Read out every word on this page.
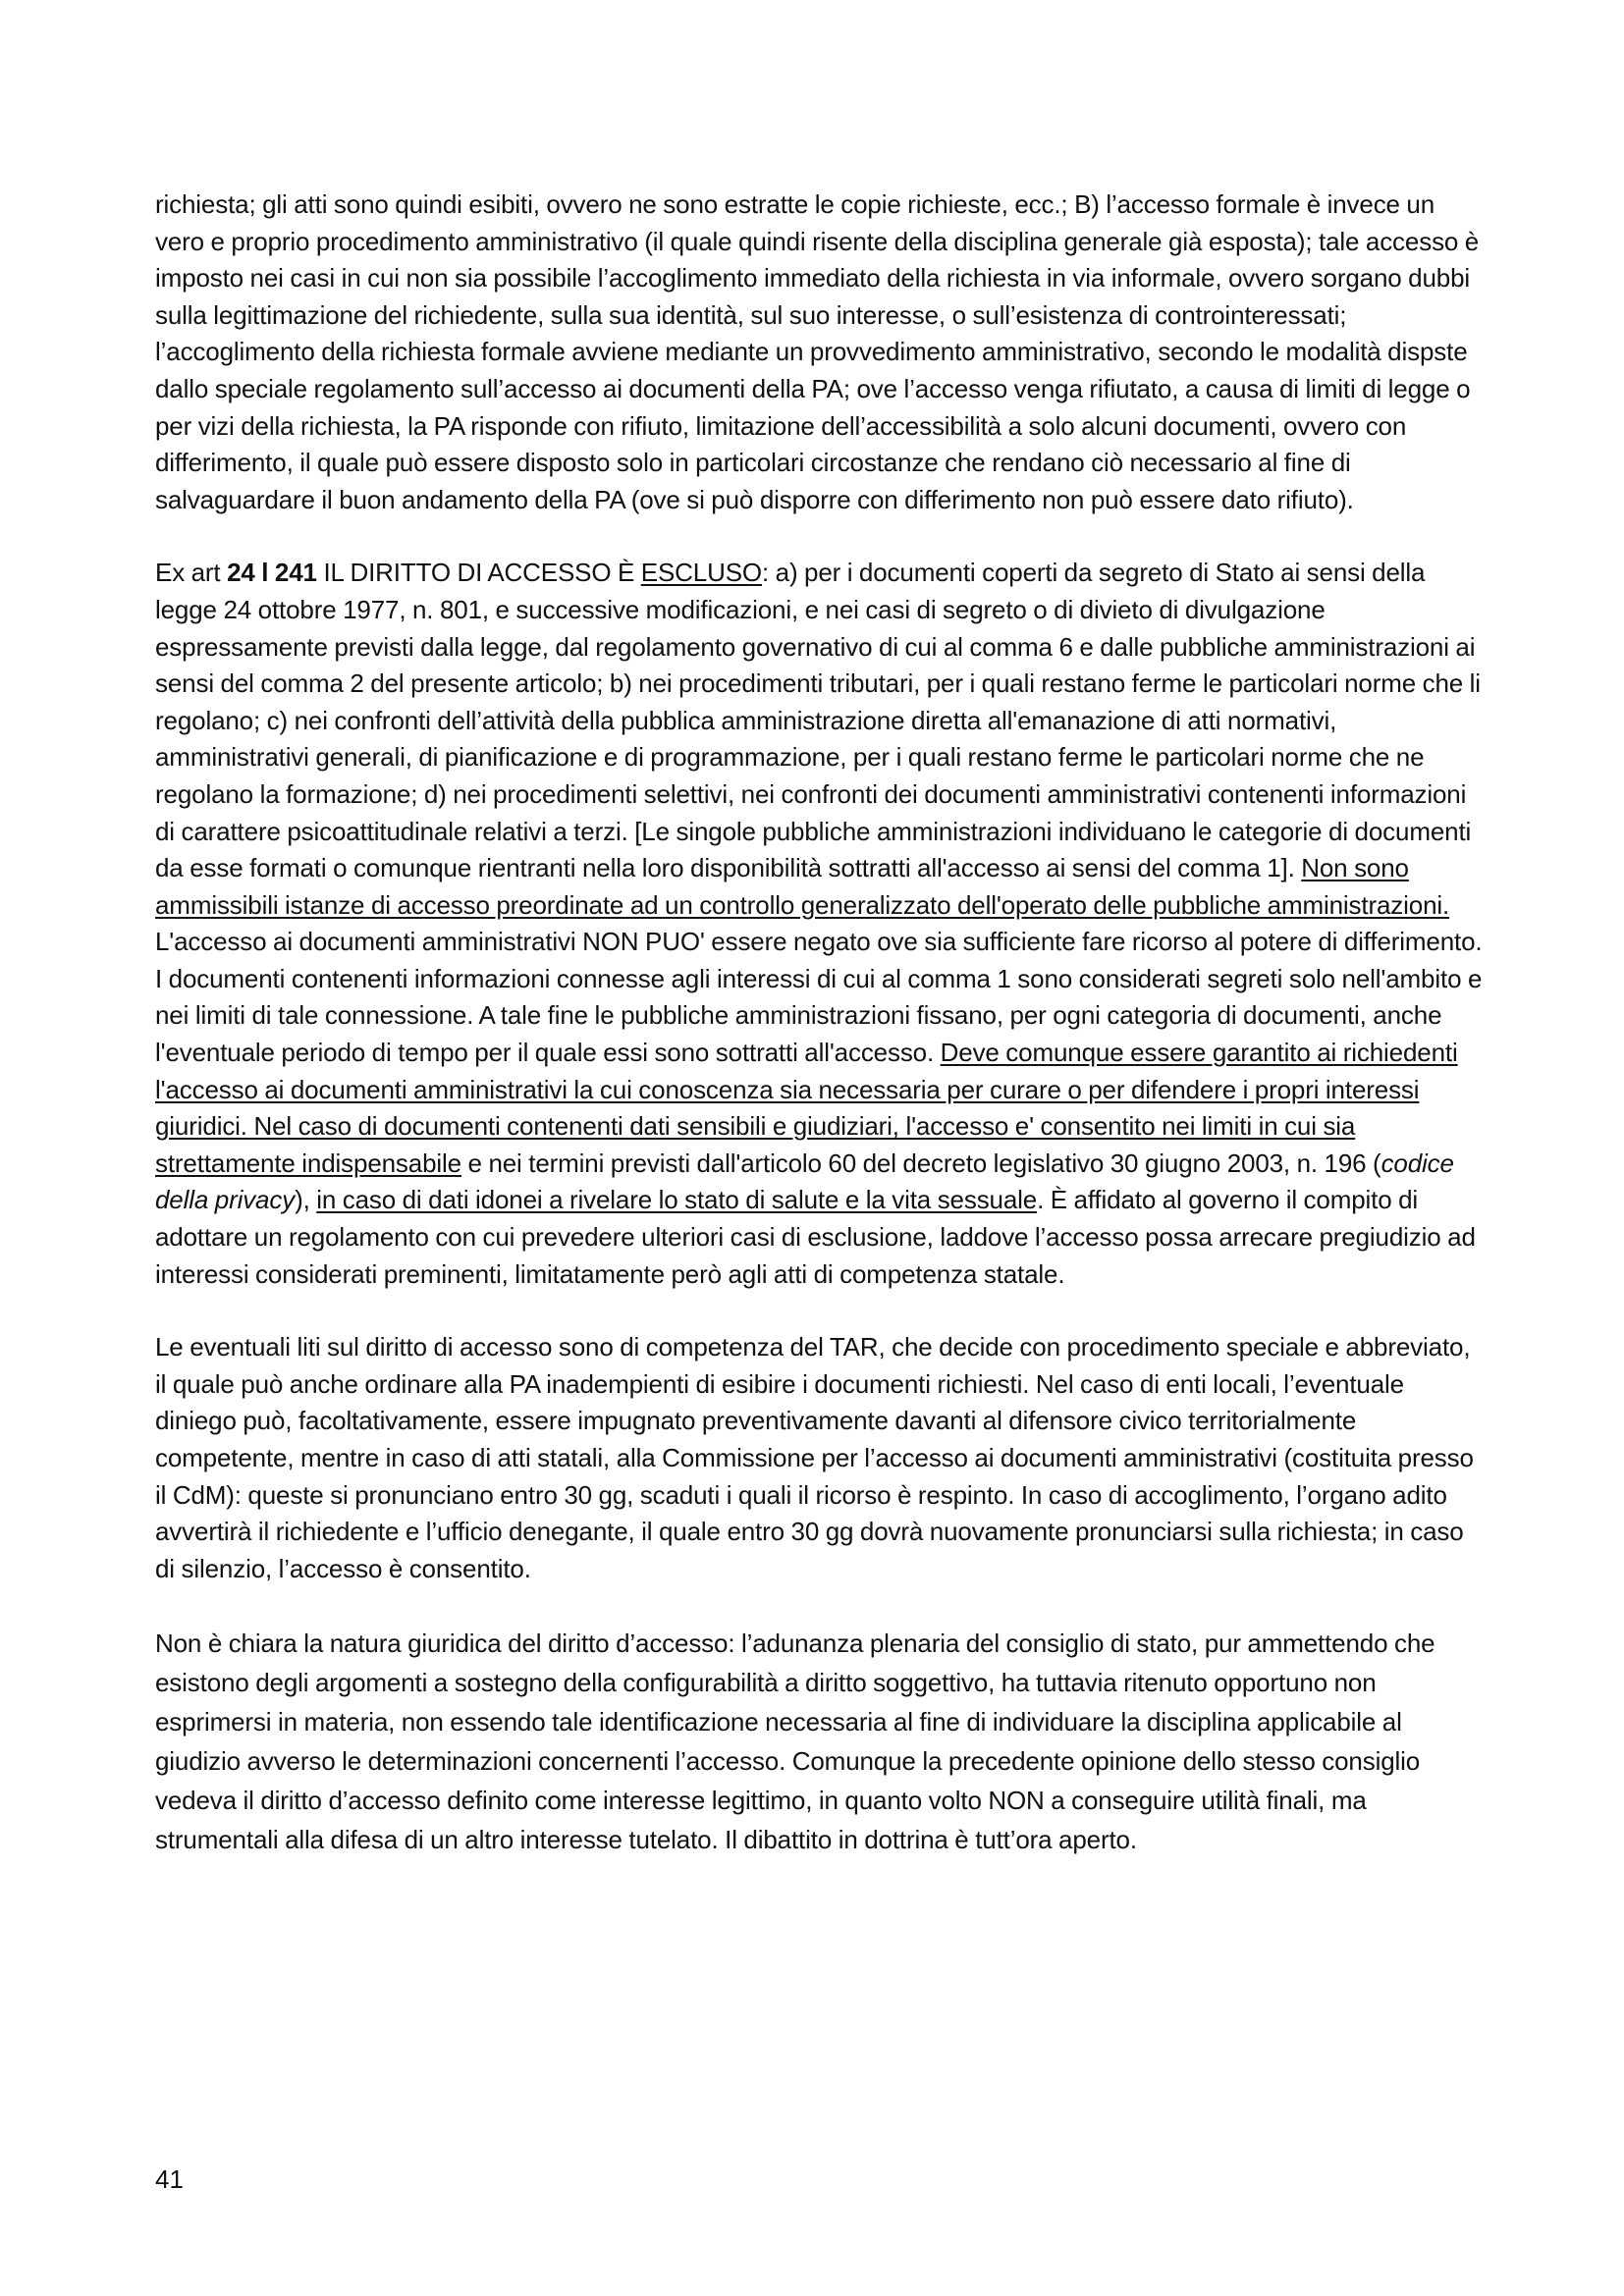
richiesta; gli atti sono quindi esibiti, ovvero ne sono estratte le copie richieste, ecc.; B) l’accesso formale è invece un vero e proprio procedimento amministrativo (il quale quindi risente della disciplina generale già esposta); tale accesso è imposto nei casi in cui non sia possibile l’accoglimento immediato della richiesta in via informale, ovvero sorgano dubbi sulla legittimazione del richiedente, sulla sua identità, sul suo interesse, o sull’esistenza di controinteressati; l’accoglimento della richiesta formale avviene mediante un provvedimento amministrativo, secondo le modalità dispste dallo speciale regolamento sull’accesso ai documenti della PA; ove l’accesso venga rifiutato, a causa di limiti di legge o per vizi della richiesta, la PA risponde con rifiuto, limitazione dell’accessibilità a solo alcuni documenti, ovvero con differimento, il quale può essere disposto solo in particolari circostanze che rendano ciò necessario al fine di salvaguardare il buon andamento della PA (ove si può disporre con differimento non può essere dato rifiuto).

Ex art 24 l 241 IL DIRITTO DI ACCESSO È ESCLUSO: a) per i documenti coperti da segreto di Stato ai sensi della legge 24 ottobre 1977, n. 801, e successive modificazioni, e nei casi di segreto o di divieto di divulgazione espressamente previsti dalla legge, dal regolamento governativo di cui al comma 6 e dalle pubbliche amministrazioni ai sensi del comma 2 del presente articolo; b) nei procedimenti tributari, per i quali restano ferme le particolari norme che li regolano; c) nei confronti dell’attività della pubblica amministrazione diretta all'emanazione di atti normativi, amministrativi generali, di pianificazione e di programmazione, per i quali restano ferme le particolari norme che ne regolano la formazione; d) nei procedimenti selettivi, nei confronti dei documenti amministrativi contenenti informazioni di carattere psicoattitudinale relativi a terzi. [Le singole pubbliche amministrazioni individuano le categorie di documenti da esse formati o comunque rientranti nella loro disponibilità sottratti all'accesso ai sensi del comma 1]. Non sono ammissibili istanze di accesso preordinate ad un controllo generalizzato dell'operato delle pubbliche amministrazioni. L'accesso ai documenti amministrativi NON PUO' essere negato ove sia sufficiente fare ricorso al potere di differimento. I documenti contenenti informazioni connesse agli interessi di cui al comma 1 sono considerati segreti solo nell'ambito e nei limiti di tale connessione. A tale fine le pubbliche amministrazioni fissano, per ogni categoria di documenti, anche l'eventuale periodo di tempo per il quale essi sono sottratti all'accesso. Deve comunque essere garantito ai richiedenti l'accesso ai documenti amministrativi la cui conoscenza sia necessaria per curare o per difendere i propri interessi giuridici. Nel caso di documenti contenenti dati sensibili e giudiziari, l'accesso e' consentito nei limiti in cui sia strettamente indispensabile e nei termini previsti dall'articolo 60 del decreto legislativo 30 giugno 2003, n. 196 (codice della privacy), in caso di dati idonei a rivelare lo stato di salute e la vita sessuale. È affidato al governo il compito di adottare un regolamento con cui prevedere ulteriori casi di esclusione, laddove l’accesso possa arrecare pregiudizio ad interessi considerati preminenti, limitatamente però agli atti di competenza statale.

Le eventuali liti sul diritto di accesso sono di competenza del TAR, che decide con procedimento speciale e abbreviato, il quale può anche ordinare alla PA inadempienti di esibire i documenti richiesti. Nel caso di enti locali, l’eventuale diniego può, facoltativamente, essere impugnato preventivamente davanti al difensore civico territorialmente competente, mentre in caso di atti statali, alla Commissione per l’accesso ai documenti amministrativi (costituita presso il CdM): queste si pronunciano entro 30 gg, scaduti i quali il ricorso è respinto. In caso di accoglimento, l’organo adito avvertirà il richiedente e l’ufficio denegante, il quale entro 30 gg dovrà nuovamente pronunciarsi sulla richiesta; in caso di silenzio, l’accesso è consentito.

Non è chiara la natura giuridica del diritto d’accesso: l’adunanza plenaria del consiglio di stato, pur ammettendo che esistono degli argomenti a sostegno della configurabilità a diritto soggettivo, ha tuttavia ritenuto opportuno non esprimersi in materia, non essendo tale identificazione necessaria al fine di individuare la disciplina applicabile al giudizio avverso le determinazioni concernenti l’accesso. Comunque la precedente opinione dello stesso consiglio vedeva il diritto d’accesso definito come interesse legittimo, in quanto volto NON a conseguire utilità finali, ma strumentali alla difesa di un altro interesse tutelato. Il dibattito in dottrina è tutt’ora aperto.

41
